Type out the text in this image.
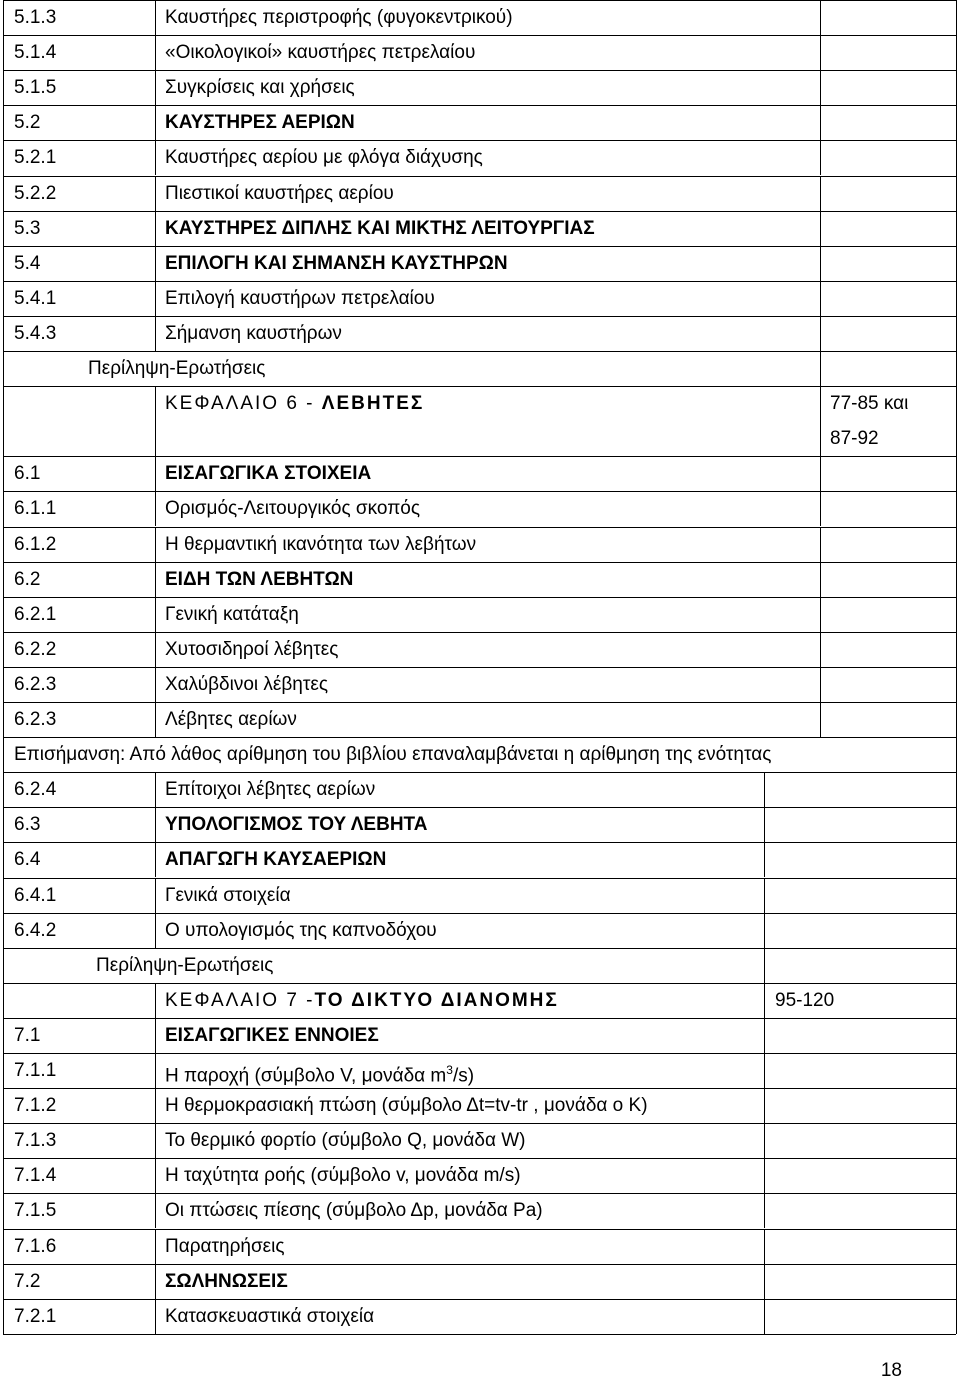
5.1.3	Καυστήρες περιστροφής (φυγοκεντρικού)
5.1.4	«Οικολογικοί» καυστήρες πετρελαίου
5.1.5	Συγκρίσεις και χρήσεις
5.2	ΚΑΥΣΤΗΡΕΣ ΑΕΡΙΩΝ
5.2.1	Καυστήρες αερίου με φλόγα διάχυσης
5.2.2	Πιεστικοί καυστήρες αερίου
5.3	ΚΑΥΣΤΗΡΕΣ ΔΙΠΛΗΣ ΚΑΙ ΜΙΚΤΗΣ ΛΕΙΤΟΥΡΓΙΑΣ
5.4	ΕΠΙΛΟΓΗ ΚΑΙ ΣΗΜΑΝΣΗ ΚΑΥΣΤΗΡΩΝ
5.4.1	Επιλογή καυστήρων πετρελαίου
5.4.3	Σήμανση καυστήρων
Περίληψη-Ερωτήσεις
ΚΕΦΑΛΑΙΟ 6 - ΛΕΒΗΤΕΣ	77-85 και
87-92
6.1	ΕΙΣΑΓΩΓΙΚΑ ΣΤΟΙΧΕΙΑ
6.1.1	Ορισμός-Λειτουργικός σκοπός
6.1.2	Η θερμαντική ικανότητα των λεβήτων
6.2	ΕΙΔΗ ΤΩΝ ΛΕΒΗΤΩΝ
6.2.1	Γενική κατάταξη
6.2.2	Χυτοσιδηροί λέβητες
6.2.3	Χαλύβδινοι λέβητες
6.2.3	Λέβητες αερίων
Επισήμανση: Από λάθος αρίθμηση του βιβλίου επαναλαμβάνεται η αρίθμηση της ενότητας
6.2.4	Επίτοιχοι λέβητες αερίων
6.3	ΥΠΟΛΟΓΙΣΜΟΣ ΤΟΥ ΛΕΒΗΤΑ
6.4	ΑΠΑΓΩΓΗ ΚΑΥΣΑΕΡΙΩΝ
6.4.1	Γενικά στοιχεία
6.4.2	Ο υπολογισμός της καπνοδόχου
Περίληψη-Ερωτήσεις
ΚΕΦΑΛΑΙΟ 7 -ΤΟ ΔΙΚΤΥΟ ΔΙΑΝΟΜΗΣ	95-120
7.1	ΕΙΣΑΓΩΓΙΚΕΣ ΕΝΝΟΙΕΣ
7.1.1	Η παροχή (σύμβολο V, μονάδα $m^3/s$)
7.1.2	Η θερμοκρασιακή πτώση (σύμβολο Δt=tv-tr , μονάδα o K)
7.1.3	Το θερμικό φορτίο (σύμβολο Q, μονάδα W)
7.1.4	Η ταχύτητα ροής (σύμβολο v, μονάδα m/s)
7.1.5	Οι πτώσεις πίεσης (σύμβολο Δp, μονάδα Pa)
7.1.6	Παρατηρήσεις
7.2	ΣΩΛΗΝΩΣΕΙΣ
7.2.1	Κατασκευαστικά στοιχεία
18
